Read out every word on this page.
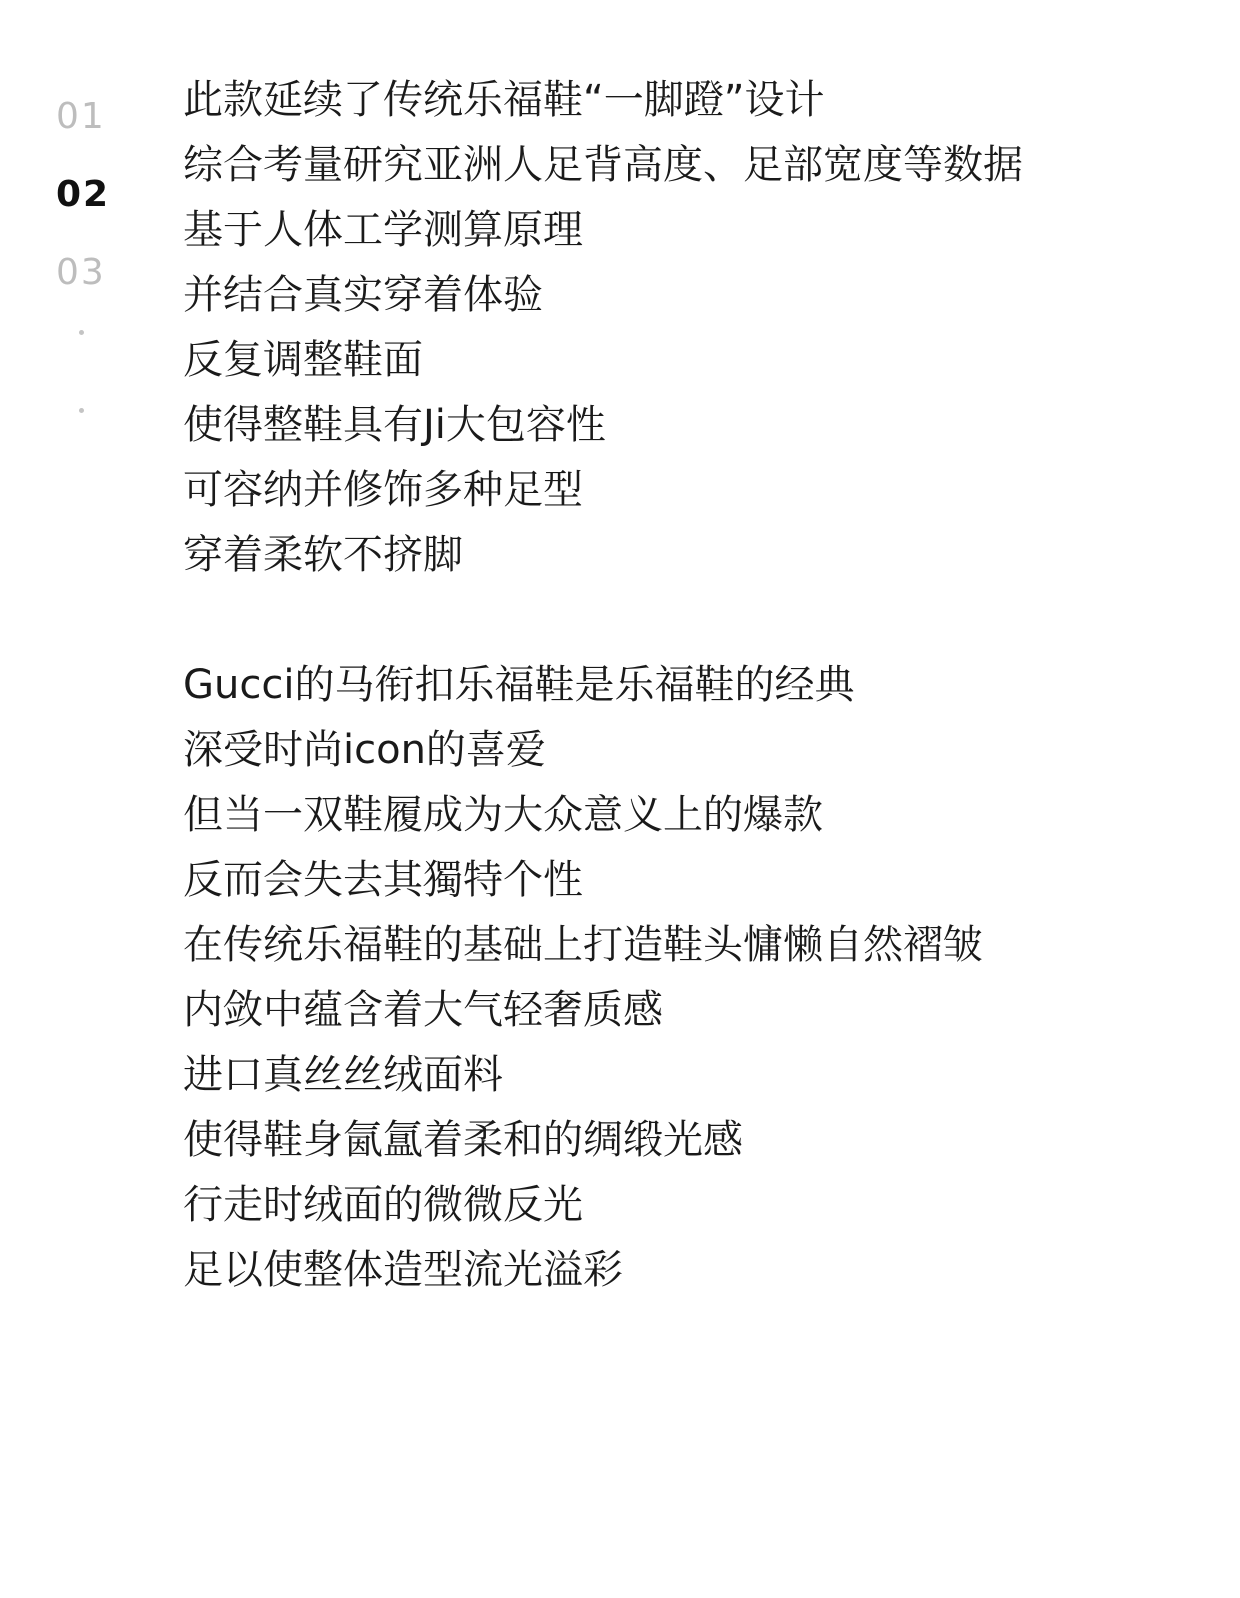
01
02
03
此款延续了传统乐福鞋“一脚蹬”设计
综合考量研究亚洲人足背高度、足部宽度等数据
基于人体工学测算原理
并结合真实穿着体验
反复调整鞋面
使得整鞋具有Ji大包容性
可容纳并修饰多种足型
穿着柔软不挤脚
Gucci的马衔扣乐福鞋是乐福鞋的经典
深受时尚icon的喜爱
但当一双鞋履成为大众意义上的爆款
反而会失去其獨特个性
在传统乐福鞋的基础上打造鞋头慵懒自然褶皱
内敛中蕴含着大气轻奢质感
进口真丝丝绒面料
使得鞋身氤氲着柔和的绸缎光感
行走时绒面的微微反光
足以使整体造型流光溢彩
